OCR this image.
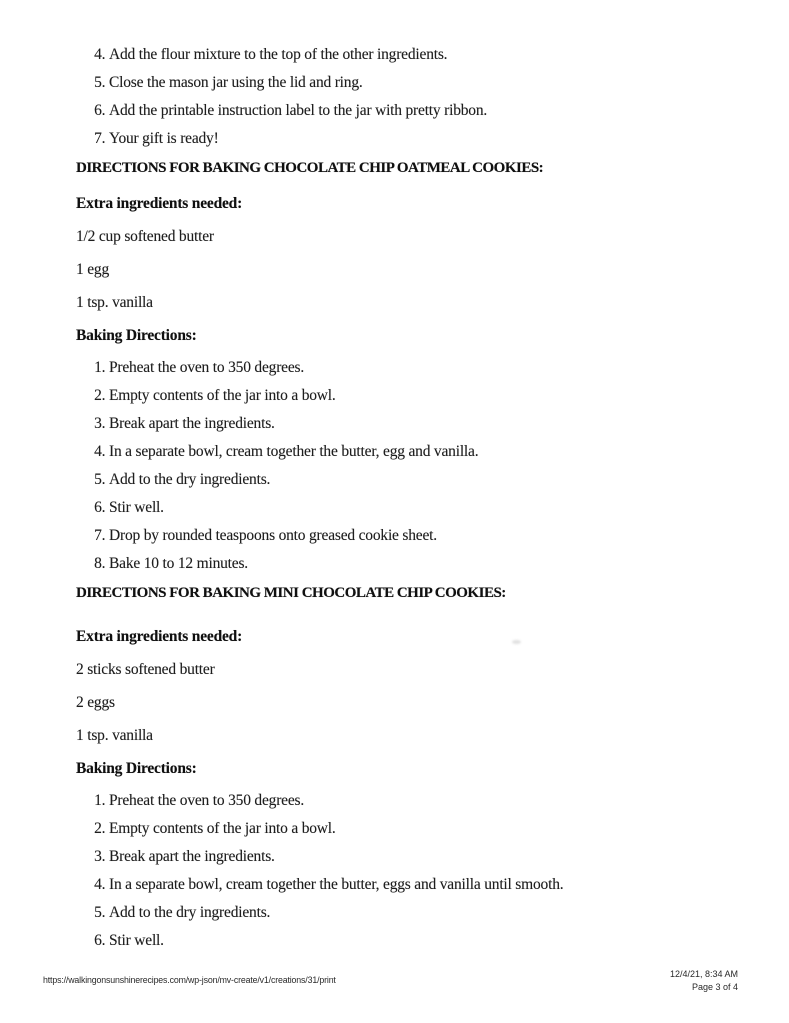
4. Add the flour mixture to the top of the other ingredients.
5. Close the mason jar using the lid and ring.
6. Add the printable instruction label to the jar with pretty ribbon.
7. Your gift is ready!
DIRECTIONS FOR BAKING CHOCOLATE CHIP OATMEAL COOKIES:

Extra ingredients needed:

1/2 cup softened butter

1 egg

1 tsp. vanilla

Baking Directions:

1. Preheat the oven to 350 degrees.
2. Empty contents of the jar into a bowl.
3. Break apart the ingredients.
4. In a separate bowl, cream together the butter, egg and vanilla.
5. Add to the dry ingredients.
6. Stir well.
7. Drop by rounded teaspoons onto greased cookie sheet.
8. Bake 10 to 12 minutes.
DIRECTIONS FOR BAKING MINI CHOCOLATE CHIP COOKIES:

Extra ingredients needed:

2 sticks softened butter

2 eggs

1 tsp. vanilla

Baking Directions:

1. Preheat the oven to 350 degrees.
2. Empty contents of the jar into a bowl.
3. Break apart the ingredients.
4. In a separate bowl, cream together the butter, eggs and vanilla until smooth.
5. Add to the dry ingredients.
6. Stir well.
https://walkingonsunshinerecipes.com/wp-json/mv-create/v1/creations/31/print
12/4/21, 8:34 AM
Page 3 of 4
